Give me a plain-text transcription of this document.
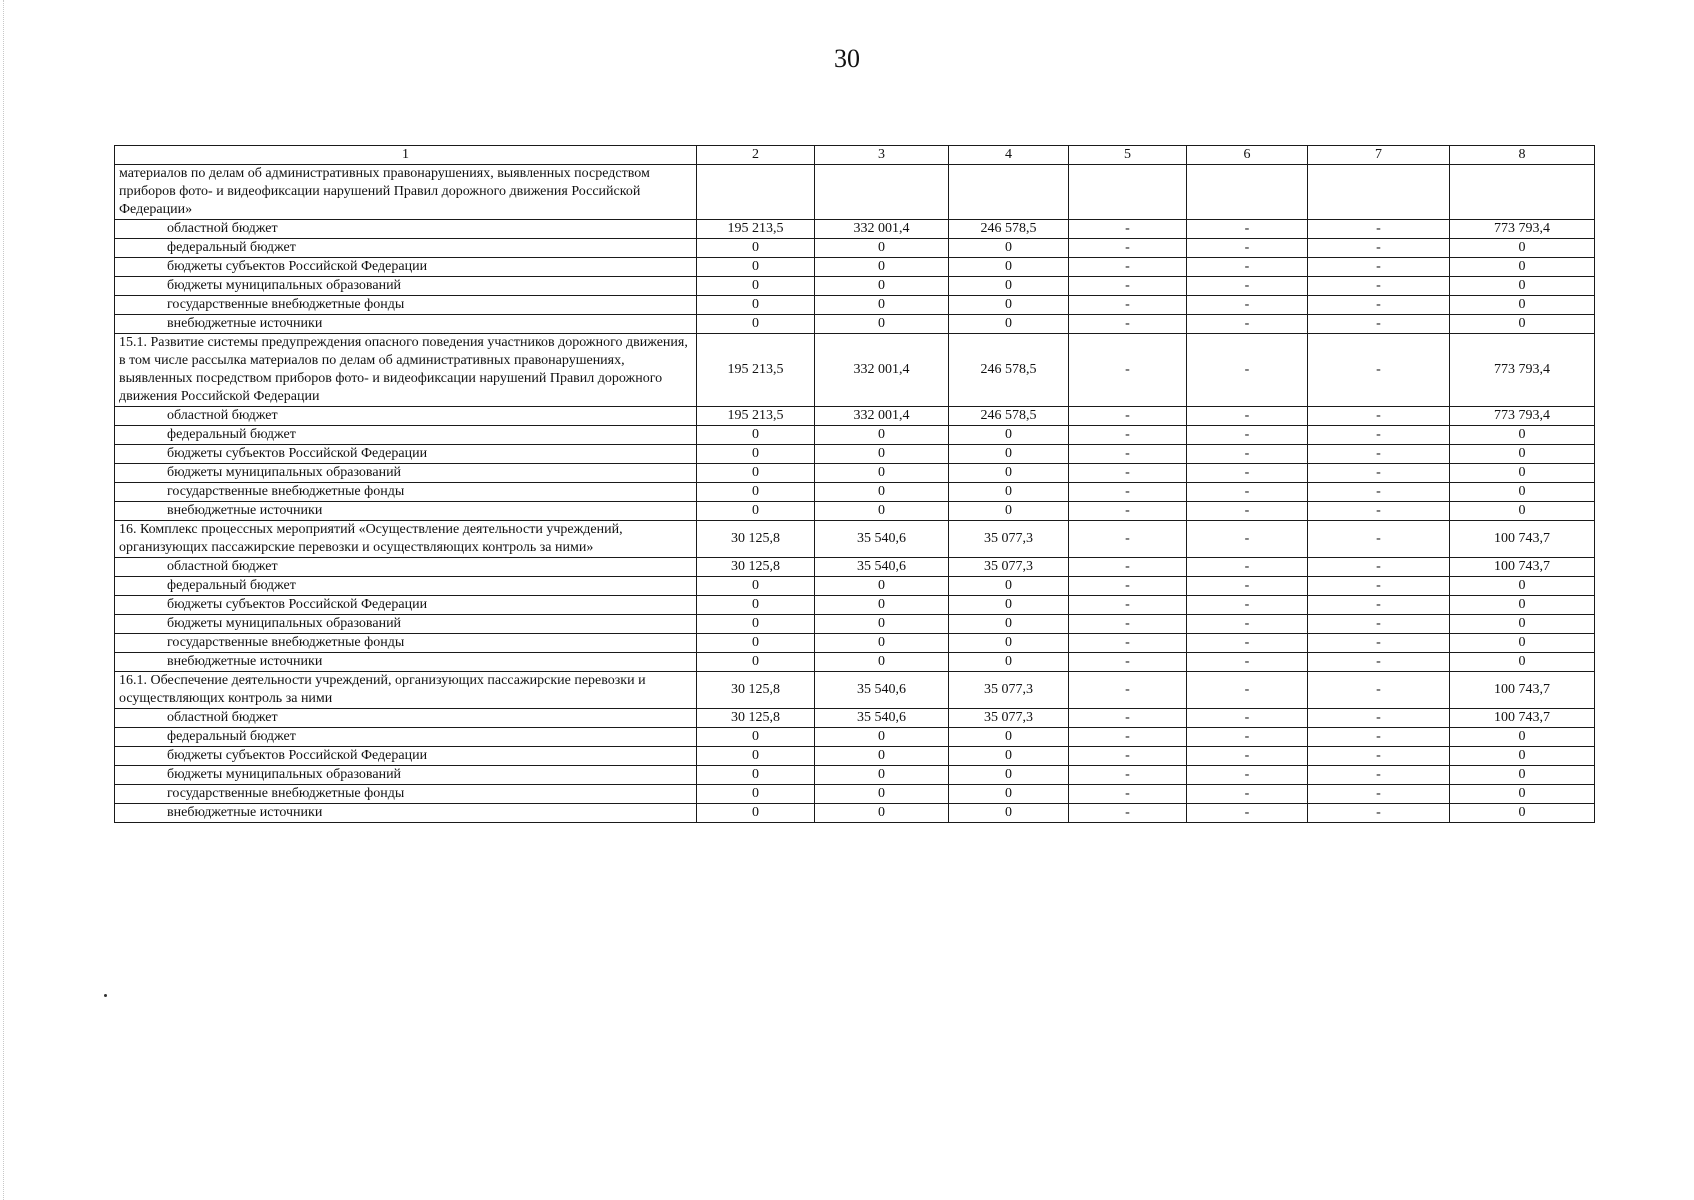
30
1	2	3	4	5	6	7	8
материалов по делам об административных правонарушениях, выявленных посредством приборов фото- и видеофиксации нарушений Правил дорожного движения Российской Федерации»							
областной бюджет	195 213,5	332 001,4	246 578,5	-	-	-	773 793,4
федеральный бюджет	0	0	0	-	-	-	0
бюджеты субъектов Российской Федерации	0	0	0	-	-	-	0
бюджеты муниципальных образований	0	0	0	-	-	-	0
государственные внебюджетные фонды	0	0	0	-	-	-	0
внебюджетные источники	0	0	0	-	-	-	0
15.1. Развитие системы предупреждения опасного поведения участников дорожного движения, в том числе рассылка материалов по делам об административных правонарушениях, выявленных посредством приборов фото- и видеофиксации нарушений Правил дорожного движения Российской Федерации	195 213,5	332 001,4	246 578,5	-	-	-	773 793,4
областной бюджет	195 213,5	332 001,4	246 578,5	-	-	-	773 793,4
федеральный бюджет	0	0	0	-	-	-	0
бюджеты субъектов Российской Федерации	0	0	0	-	-	-	0
бюджеты муниципальных образований	0	0	0	-	-	-	0
государственные внебюджетные фонды	0	0	0	-	-	-	0
внебюджетные источники	0	0	0	-	-	-	0
16. Комплекс процессных мероприятий «Осуществление деятельности учреждений, организующих пассажирские перевозки и осуществляющих контроль за ними»	30 125,8	35 540,6	35 077,3	-	-	-	100 743,7
областной бюджет	30 125,8	35 540,6	35 077,3	-	-	-	100 743,7
федеральный бюджет	0	0	0	-	-	-	0
бюджеты субъектов Российской Федерации	0	0	0	-	-	-	0
бюджеты муниципальных образований	0	0	0	-	-	-	0
государственные внебюджетные фонды	0	0	0	-	-	-	0
внебюджетные источники	0	0	0	-	-	-	0
16.1. Обеспечение деятельности учреждений, организующих пассажирские перевозки и осуществляющих контроль за ними	30 125,8	35 540,6	35 077,3	-	-	-	100 743,7
областной бюджет	30 125,8	35 540,6	35 077,3	-	-	-	100 743,7
федеральный бюджет	0	0	0	-	-	-	0
бюджеты субъектов Российской Федерации	0	0	0	-	-	-	0
бюджеты муниципальных образований	0	0	0	-	-	-	0
государственные внебюджетные фонды	0	0	0	-	-	-	0
внебюджетные источники	0	0	0	-	-	-	0
